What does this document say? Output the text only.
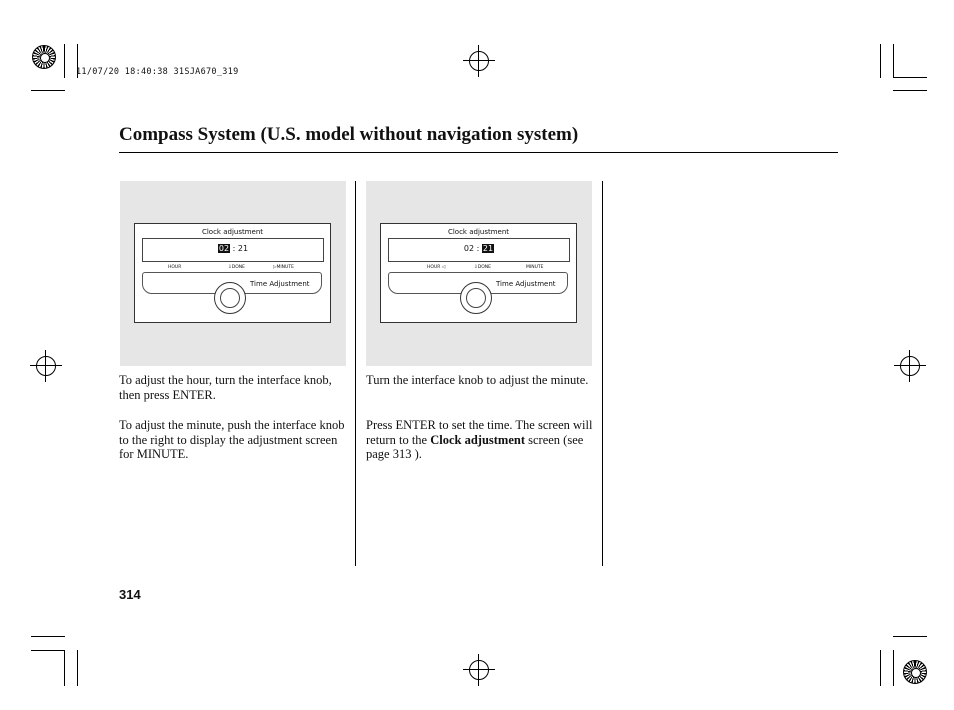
11/07/20 18:40:38 31SJA670_319
Compass System (U.S. model without navigation system)
Clock adjustment
02 : 21
HOUR	⇩DONE	▷MINUTE
Time Adjustment
Clock adjustment
02 : 21
HOUR ◁	⇩DONE	MINUTE
Time Adjustment
To adjust the hour, turn the interface knob, then press ENTER.
To adjust the minute, push the interface knob to the right to display the adjustment screen for MINUTE.
Turn the interface knob to adjust the minute.
Press ENTER to set the time. The screen will return to the Clock adjustment screen (see page 313 ).
314
